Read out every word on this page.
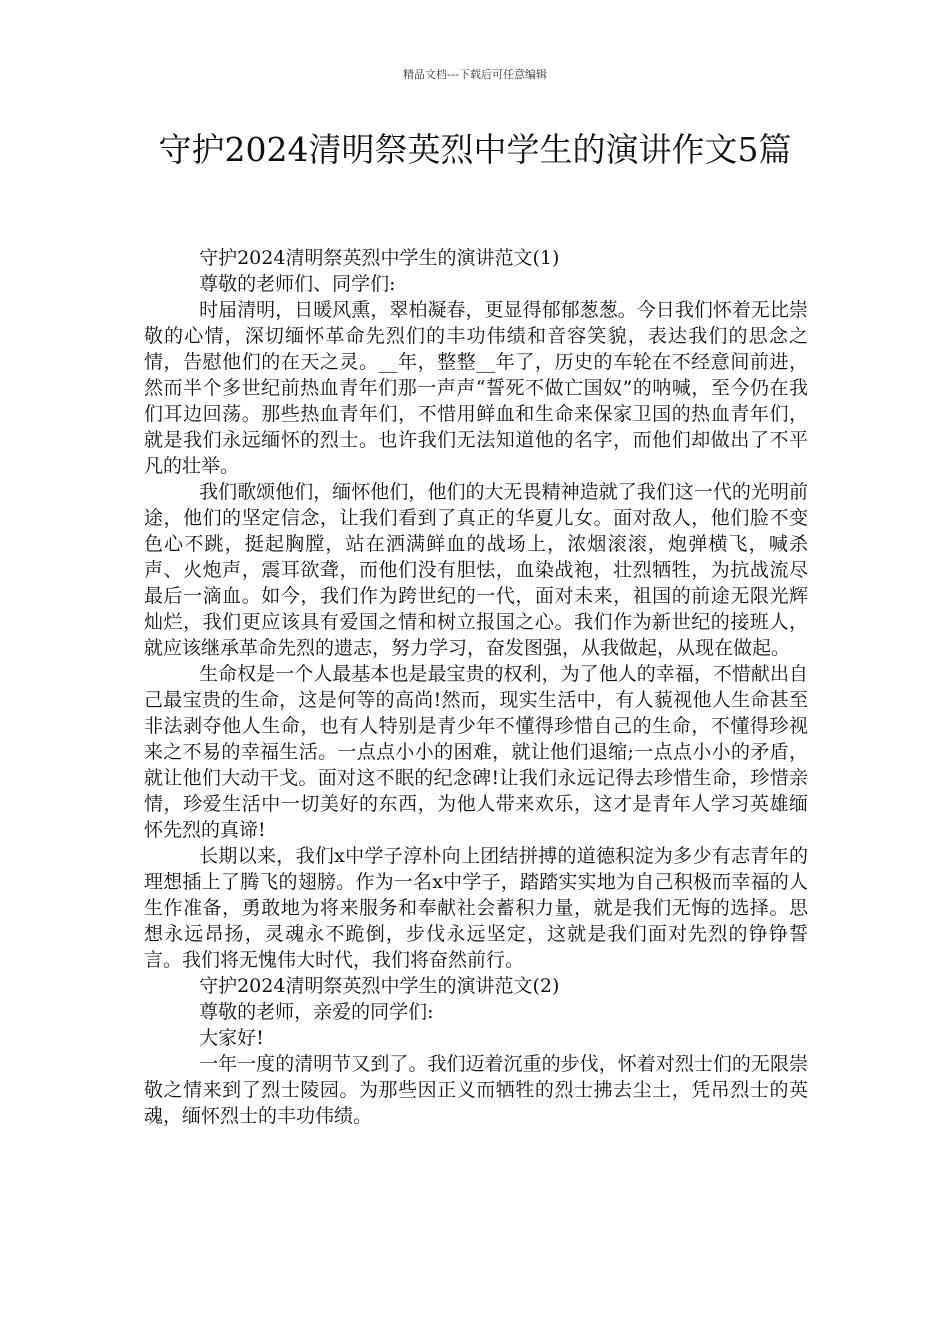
精品文档---下载后可任意编辑
守护2024清明祭英烈中学生的演讲作文5篇

守护2024清明祭英烈中学生的演讲范文(1)

尊敬的老师们、同学们:

时届清明，日暖风熏，翠柏凝春，更显得郁郁葱葱。今日我们怀着无比崇敬的心情，深切缅怀革命先烈们的丰功伟绩和音容笑貌，表达我们的思念之情，告慰他们的在天之灵。__年，整整__年了，历史的车轮在不经意间前进，然而半个多世纪前热血青年们那一声声“誓死不做亡国奴”的呐喊，至今仍在我们耳边回荡。那些热血青年们，不惜用鲜血和生命来保家卫国的热血青年们，就是我们永远缅怀的烈士。也许我们无法知道他的名字，而他们却做出了不平凡的壮举。

我们歌颂他们，缅怀他们，他们的大无畏精神造就了我们这一代的光明前途，他们的坚定信念，让我们看到了真正的华夏儿女。面对敌人，他们脸不变色心不跳，挺起胸膛，站在洒满鲜血的战场上，浓烟滚滚，炮弹横飞，喊杀声、火炮声，震耳欲聋，而他们没有胆怯，血染战袍，壮烈牺牲，为抗战流尽最后一滴血。如今，我们作为跨世纪的一代，面对未来，祖国的前途无限光辉灿烂，我们更应该具有爱国之情和树立报国之心。我们作为新世纪的接班人，就应该继承革命先烈的遗志，努力学习，奋发图强，从我做起，从现在做起。

生命权是一个人最基本也是最宝贵的权利，为了他人的幸福，不惜献出自己最宝贵的生命，这是何等的高尚!然而，现实生活中，有人藐视他人生命甚至非法剥夺他人生命，也有人特别是青少年不懂得珍惜自己的生命，不懂得珍视来之不易的幸福生活。一点点小小的困难，就让他们退缩;一点点小小的矛盾，就让他们大动干戈。面对这不眠的纪念碑!让我们永远记得去珍惜生命，珍惜亲情，珍爱生活中一切美好的东西，为他人带来欢乐，这才是青年人学习英雄缅怀先烈的真谛!

长期以来，我们x中学子淳朴向上团结拼搏的道德积淀为多少有志青年的理想插上了腾飞的翅膀。作为一名x中学子，踏踏实实地为自己积极而幸福的人生作准备，勇敢地为将来服务和奉献社会蓄积力量，就是我们无悔的选择。思想永远昂扬，灵魂永不跪倒，步伐永远坚定，这就是我们面对先烈的铮铮誓言。我们将无愧伟大时代，我们将奋然前行。

守护2024清明祭英烈中学生的演讲范文(2)

尊敬的老师，亲爱的同学们:

大家好!

一年一度的清明节又到了。我们迈着沉重的步伐，怀着对烈士们的无限崇敬之情来到了烈士陵园。为那些因正义而牺牲的烈士拂去尘土，凭吊烈士的英魂，缅怀烈士的丰功伟绩。
